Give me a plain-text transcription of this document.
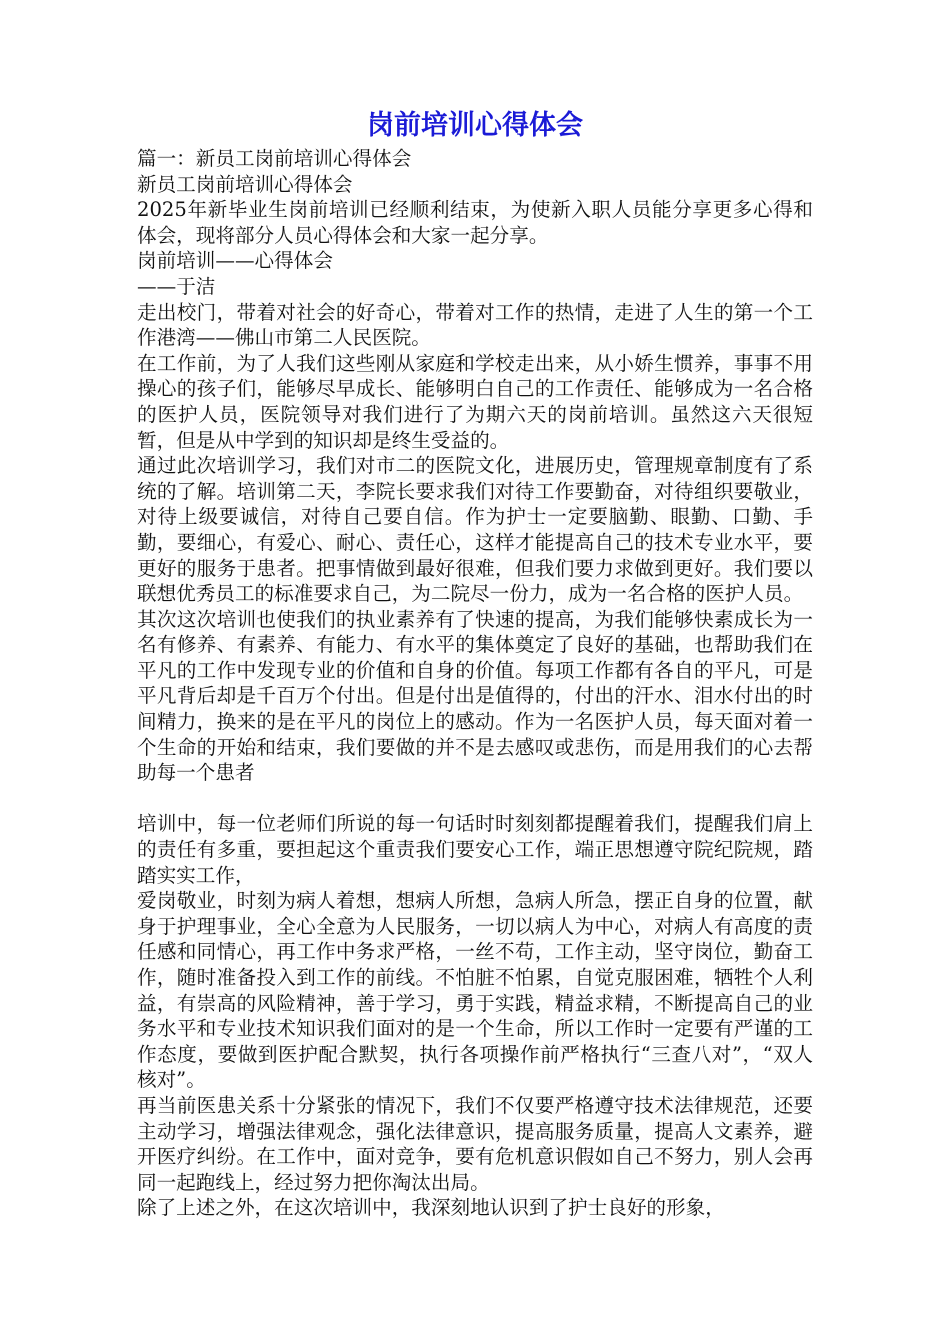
岗前培训心得体会

篇一：新员工岗前培训心得体会

新员工岗前培训心得体会

2025年新毕业生岗前培训已经顺利结束，为使新入职人员能分享更多心得和体会，现将部分人员心得体会和大家一起分享。

岗前培训——心得体会

——于洁

走出校门，带着对社会的好奇心，带着对工作的热情，走进了人生的第一个工作港湾——佛山市第二人民医院。

在工作前，为了人我们这些刚从家庭和学校走出来，从小娇生惯养，事事不用操心的孩子们，能够尽早成长、能够明白自己的工作责任、能够成为一名合格的医护人员，医院领导对我们进行了为期六天的岗前培训。虽然这六天很短暂，但是从中学到的知识却是终生受益的。

通过此次培训学习，我们对市二的医院文化，进展历史，管理规章制度有了系统的了解。培训第二天，李院长要求我们对待工作要勤奋，对待组织要敬业，对待上级要诚信，对待自己要自信。作为护士一定要脑勤、眼勤、口勤、手勤，要细心，有爱心、耐心、责任心，这样才能提高自己的技术专业水平，要更好的服务于患者。把事情做到最好很难，但我们要力求做到更好。我们要以联想优秀员工的标准要求自己，为二院尽一份力，成为一名合格的医护人员。

其次这次培训也使我们的执业素养有了快速的提高，为我们能够快素成长为一名有修养、有素养、有能力、有水平的集体奠定了良好的基础，也帮助我们在平凡的工作中发现专业的价值和自身的价值。每项工作都有各自的平凡，可是平凡背后却是千百万个付出。但是付出是值得的，付出的汗水、泪水付出的时间精力，换来的是在平凡的岗位上的感动。作为一名医护人员，每天面对着一个生命的开始和结束，我们要做的并不是去感叹或悲伤，而是用我们的心去帮助每一个患者

培训中，每一位老师们所说的每一句话时时刻刻都提醒着我们，提醒我们肩上的责任有多重，要担起这个重责我们要安心工作，端正思想遵守院纪院规，踏踏实实工作，

爱岗敬业，时刻为病人着想，想病人所想，急病人所急，摆正自身的位置，献身于护理事业，全心全意为人民服务，一切以病人为中心，对病人有高度的责任感和同情心，再工作中务求严格，一丝不苟，工作主动，坚守岗位，勤奋工作，随时准备投入到工作的前线。不怕脏不怕累，自觉克服困难，牺牲个人利益，有崇高的风险精神，善于学习，勇于实践，精益求精，不断提高自己的业务水平和专业技术知识我们面对的是一个生命，所以工作时一定要有严谨的工作态度，要做到医护配合默契，执行各项操作前严格执行“三查八对”，“双人核对”。

再当前医患关系十分紧张的情况下，我们不仅要严格遵守技术法律规范，还要主动学习，增强法律观念，强化法律意识，提高服务质量，提高人文素养，避开医疗纠纷。在工作中，面对竞争，要有危机意识假如自己不努力，别人会再同一起跑线上，经过努力把你淘汰出局。

除了上述之外，在这次培训中，我深刻地认识到了护士良好的形象，
